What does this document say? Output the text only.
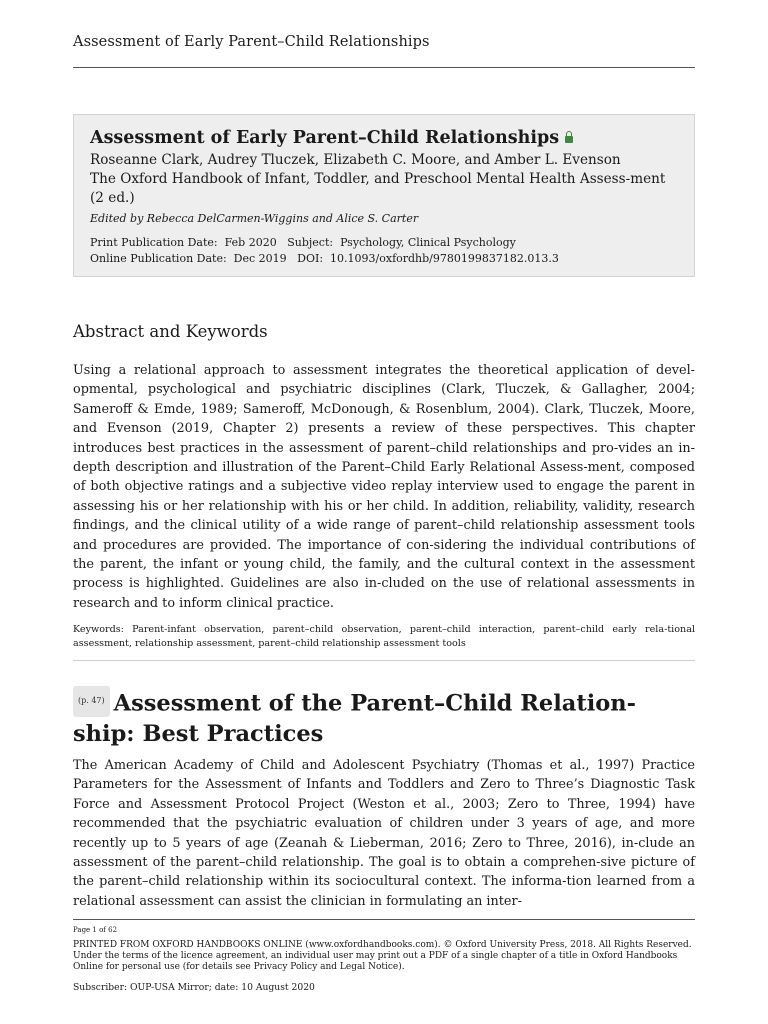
Assessment of Early Parent–Child Relationships

Assessment of Early Parent–Child Relationships

Roseanne Clark, Audrey Tluczek, Elizabeth C. Moore, and Amber L. Evenson

The Oxford Handbook of Infant, Toddler, and Preschool Mental Health Assess-ment (2 ed.)

Edited by Rebecca DelCarmen-Wiggins and Alice S. Carter

Print Publication Date: Feb 2020 Subject: Psychology, Clinical Psychology
Online Publication Date: Dec 2019 DOI: 10.1093/oxfordhb/9780199837182.013.3

Abstract and Keywords

Using a relational approach to assessment integrates the theoretical application of devel-opmental, psychological and psychiatric disciplines (Clark, Tluczek, & Gallagher, 2004; Sameroff & Emde, 1989; Sameroff, McDonough, & Rosenblum, 2004). Clark, Tluczek, Moore, and Evenson (2019, Chapter 2) presents a review of these perspectives. This chapter introduces best practices in the assessment of parent–child relationships and pro-vides an in-depth description and illustration of the Parent–Child Early Relational Assess-ment, composed of both objective ratings and a subjective video replay interview used to engage the parent in assessing his or her relationship with his or her child. In addition, reliability, validity, research findings, and the clinical utility of a wide range of parent–child relationship assessment tools and procedures are provided. The importance of con-sidering the individual contributions of the parent, the infant or young child, the family, and the cultural context in the assessment process is highlighted. Guidelines are also in-cluded on the use of relational assessments in research and to inform clinical practice.

Keywords: Parent-infant observation, parent–child observation, parent–child interaction, parent–child early rela-tional assessment, relationship assessment, parent–child relationship assessment tools

(p. 47) Assessment of the Parent–Child Relation-ship: Best Practices

The American Academy of Child and Adolescent Psychiatry (Thomas et al., 1997) Practice Parameters for the Assessment of Infants and Toddlers and Zero to Three’s Diagnostic Task Force and Assessment Protocol Project (Weston et al., 2003; Zero to Three, 1994) have recommended that the psychiatric evaluation of children under 3 years of age, and more recently up to 5 years of age (Zeanah & Lieberman, 2016; Zero to Three, 2016), in-clude an assessment of the parent–child relationship. The goal is to obtain a comprehen-sive picture of the parent–child relationship within its sociocultural context. The informa-tion learned from a relational assessment can assist the clinician in formulating an inter-

Page 1 of 62

PRINTED FROM OXFORD HANDBOOKS ONLINE (www.oxfordhandbooks.com). © Oxford University Press, 2018. All Rights Reserved. Under the terms of the licence agreement, an individual user may print out a PDF of a single chapter of a title in Oxford Handbooks Online for personal use (for details see Privacy Policy and Legal Notice).

Subscriber: OUP-USA Mirror; date: 10 August 2020
